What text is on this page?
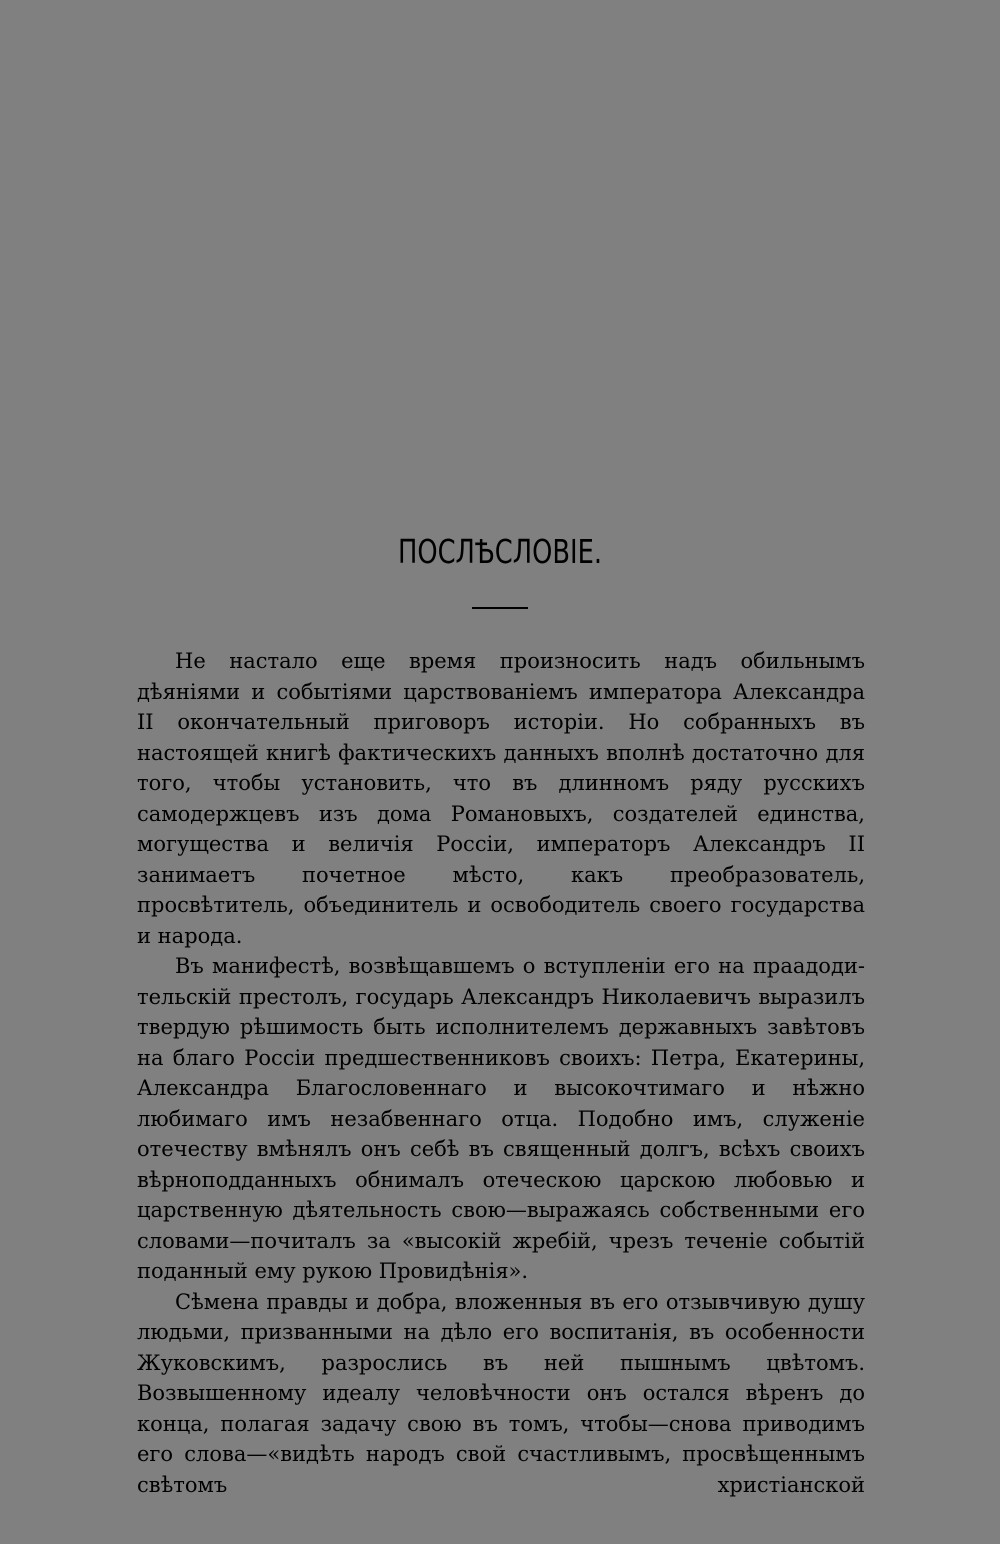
ПОСЛѢСЛОВІЕ.

Не настало еще время произносить надъ обильнымъ дѣяніями и событіями царствованіемъ императора Александра II окончательный приговоръ исторіи. Но собранныхъ въ настоящей книгѣ фактическихъ данныхъ вполнѣ достаточно для того, чтобы установить, что въ длинномъ ряду русскихъ самодержцевъ изъ дома Романовыхъ, создателей единства, могущества и величія Россіи, императоръ Александръ II занимаетъ почетное мѣсто, какъ преобразователь, просвѣтитель, объединитель и освободитель своего государства и народа.

Въ манифестѣ, возвѣщавшемъ о вступленіи его на праадодительскій престолъ, государь Александръ Николаевичъ выразилъ твердую рѣшимость быть исполнителемъ державныхъ завѣтовъ на благо Россіи предшественниковъ своихъ: Петра, Екатерины, Александра Благословеннаго и высокочтимаго и нѣжно любимаго имъ незабвеннаго отца. Подобно имъ, служеніе отечеству вмѣнялъ онъ себѣ въ священный долгъ, всѣхъ своихъ вѣрноподданныхъ обнималъ отеческою царскою любовью и царственную дѣятельность свою—выражаясь собственными его словами—почиталъ за «высокій жребій, чрезъ теченіе событій поданный ему рукою Провидѣнія».

Сѣмена правды и добра, вложенныя въ его отзывчивую душу людьми, призванными на дѣло его воспитанія, въ особенности Жуковскимъ, разрослись въ ней пышнымъ цвѣтомъ. Возвышенному идеалу человѣчности онъ остался вѣренъ до конца, полагая задачу свою въ томъ, чтобы—снова приводимъ его слова—«видѣть народъ свой счастливымъ, просвѣщеннымъ свѣтомъ христіанской
